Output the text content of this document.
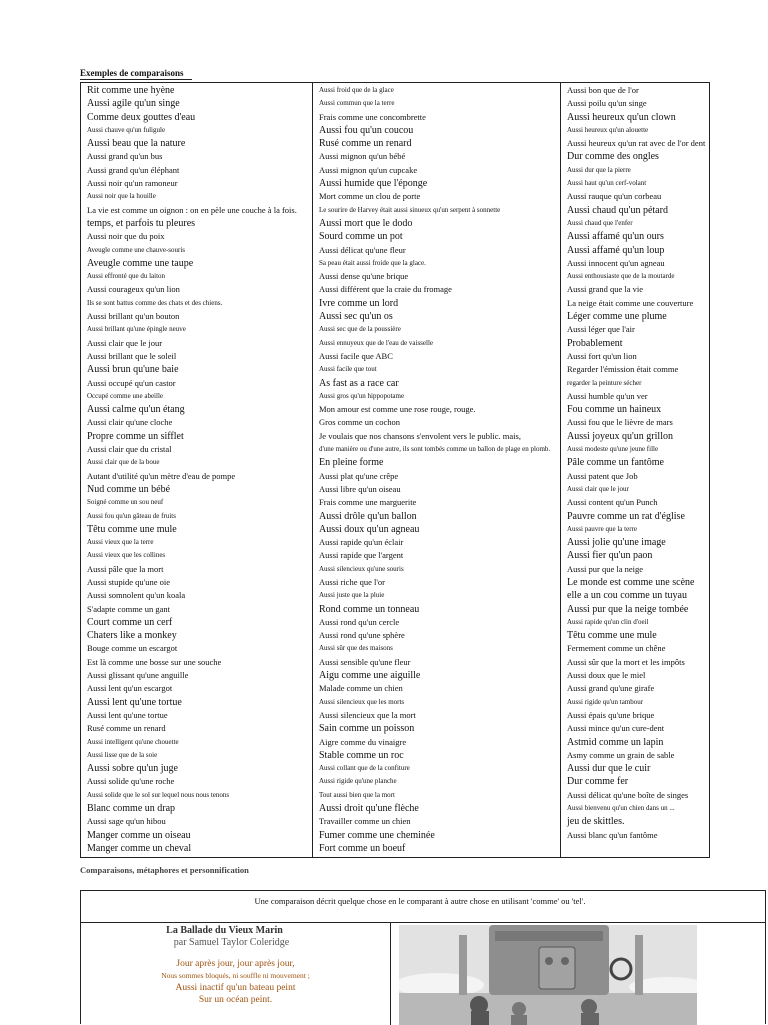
Exemples de comparaisons
Rit comme une hyène
Aussi agile qu'un singe
Comme deux gouttes d'eau
Aussi chauve qu'un fuligule
Aussi beau que la nature
Aussi grand qu'un bus
Aussi grand qu'un éléphant
Aussi noir qu'un ramoneur
Aussi noir que la houille
La vie est comme un oignon : on en pèle une couche à la fois.
temps, et parfois tu pleures
Aussi noir que du poix
Aveugle comme une chauve-souris
Aveugle comme une taupe
Aussi effronté que du laiton
Aussi courageux qu'un lion
Ils se sont battus comme des chats et des chiens.
Aussi brillant qu'un bouton
Aussi brillant qu'une épingle neuve
Aussi clair que le jour
Aussi brillant que le soleil
Aussi brun qu'une baie
Aussi occupé qu'un castor
Occupé comme une abeille
Aussi calme qu'un étang
Aussi clair qu'une cloche
Propre comme un sifflet
Aussi clair que du cristal
Aussi clair que de la boue
Autant d'utilité qu'un mètre d'eau de pompe
Nud comme un bébé
Soigné comme un sou neuf
Aussi fou qu'un gâteau de fruits
Têtu comme une mule
Aussi vieux que la terre
Aussi vieux que les collines
Aussi pâle que la mort
Aussi stupide qu'une oie
Aussi somnolent qu'un koala
S'adapte comme un gant
Court comme un cerf
Chaters like a monkey
Bouge comme un escargot
Est là comme une bosse sur une souche
Aussi glissant qu'une anguille
Aussi lent qu'un escargot
Aussi lent qu'une tortue
Aussi lent qu'une tortue
Rusé comme un renard
Aussi intelligent qu'une chouette
Aussi lisse que de la soie
Aussi sobre qu'un juge
Aussi solide qu'une roche
Aussi solide que le sol sur lequel nous nous tenons
Blanc comme un drap
Aussi sage qu'un hibou
Manger comme un oiseau
Manger comme un cheval
Aussi froid que de la glace
Aussi commun que la terre
Frais comme une concombrette
Aussi fou qu'un coucou
Rusé comme un renard
Aussi mignon qu'un bébé
Aussi mignon qu'un cupcake
Aussi humide que l'éponge
Mort comme un clou de porte
Le sourire de Harvey était aussi sinueux qu'un serpent à sonnette
Aussi mort que le dodo
Sourd comme un pot
Aussi délicat qu'une fleur
Sa peau était aussi froide que la glace.
Aussi dense qu'une brique
Aussi différent que la craie du fromage
Ivre comme un lord
Aussi sec qu'un os
Aussi sec que de la poussière
Aussi ennuyeux que de l'eau de vaisselle
Aussi facile que ABC
Aussi facile que tout
As fast as a race car
Aussi gros qu'un hippopotame
Mon amour est comme une rose rouge, rouge.
Gros comme un cochon
Je voulais que nos chansons s'envolent vers le public. mais,
d'une manière ou d'une autre, ils sont tombés comme un ballon de plage en plomb.
En pleine forme
Aussi plat qu'une crêpe
Aussi libre qu'un oiseau
Frais comme une marguerite
Aussi drôle qu'un ballon
Aussi doux qu'un agneau
Aussi rapide qu'un éclair
Aussi rapide que l'argent
Aussi silencieux qu'une souris
Aussi riche que l'or
Aussi juste que la pluie
Rond comme un tonneau
Aussi rond qu'un cercle
Aussi rond qu'une sphère
Aussi sûr que des maisons
Aussi sensible qu'une fleur
Aigu comme une aiguille
Malade comme un chien
Aussi silencieux que les morts
Aussi silencieux que la mort
Sain comme un poisson
Aigre comme du vinaigre
Stable comme un roc
Aussi collant que de la confiture
Aussi rigide qu'une planche
Tout aussi bien que la mort
Aussi droit qu'une flèche
Travailler comme un chien
Fumer comme une cheminée
Fort comme un boeuf
Aussi bon que de l'or
Aussi poilu qu'un singe
Aussi heureux qu'un clown
Aussi heureux qu'un alouette
Aussi heureux qu'un rat avec de l'or dent
Dur comme des ongles
Aussi dur que la pierre
Aussi haut qu'un cerf-volant
Aussi rauque qu'un corbeau
Aussi chaud qu'un pétard
Aussi chaud que l'enfer
Aussi affamé qu'un ours
Aussi affamé qu'un loup
Aussi innocent qu'un agneau
Aussi enthousiaste que de la moutarde
Aussi grand que la vie
La neige était comme une couverture
Léger comme une plume
Aussi léger que l'air
Probablement
Aussi fort qu'un lion
Regarder l'émission était comme
regarder la peinture sécher
Aussi humble qu'un ver
Fou comme un haineux
Aussi fou que le lièvre de mars
Aussi joyeux qu'un grillon
Aussi modeste qu'une jeune fille
Pâle comme un fantôme
Aussi patent que Job
Aussi clair que le jour
Aussi content qu'un Punch
Pauvre comme un rat d'église
Aussi pauvre que la terre
Aussi jolie qu'une image
Aussi fier qu'un paon
Aussi pur que la neige
Le monde est comme une scène
elle a un cou comme un tuyau
Aussi pur que la neige tombée
Aussi rapide qu'un clin d'oeil
Têtu comme une mule
Fermement comme un chêne
Aussi sûr que la mort et les impôts
Aussi doux que le miel
Aussi grand qu'une girafe
Aussi rigide qu'un tambour
Aussi épais qu'une brique
Aussi mince qu'un cure-dent
Astmid comme un lapin
Asmy comme un grain de sable
Aussi dur que le cuir
Dur comme fer
Aussi délicat qu'une boîte de singes
Aussi bienvenu qu'un chien dans un ...
jeu de skittles.
Aussi blanc qu'un fantôme
Comparaisons, métaphores et personnification
Une comparaison décrit quelque chose en le comparant à autre chose en utilisant 'comme' ou 'tel'.
La Ballade du Vieux Marin
par Samuel Taylor Coleridge
Jour après jour, jour après jour,
Nous sommes bloqués, ni souffle ni mouvement ;
Aussi inactif qu'un bateau peint
Sur un océan peint.
